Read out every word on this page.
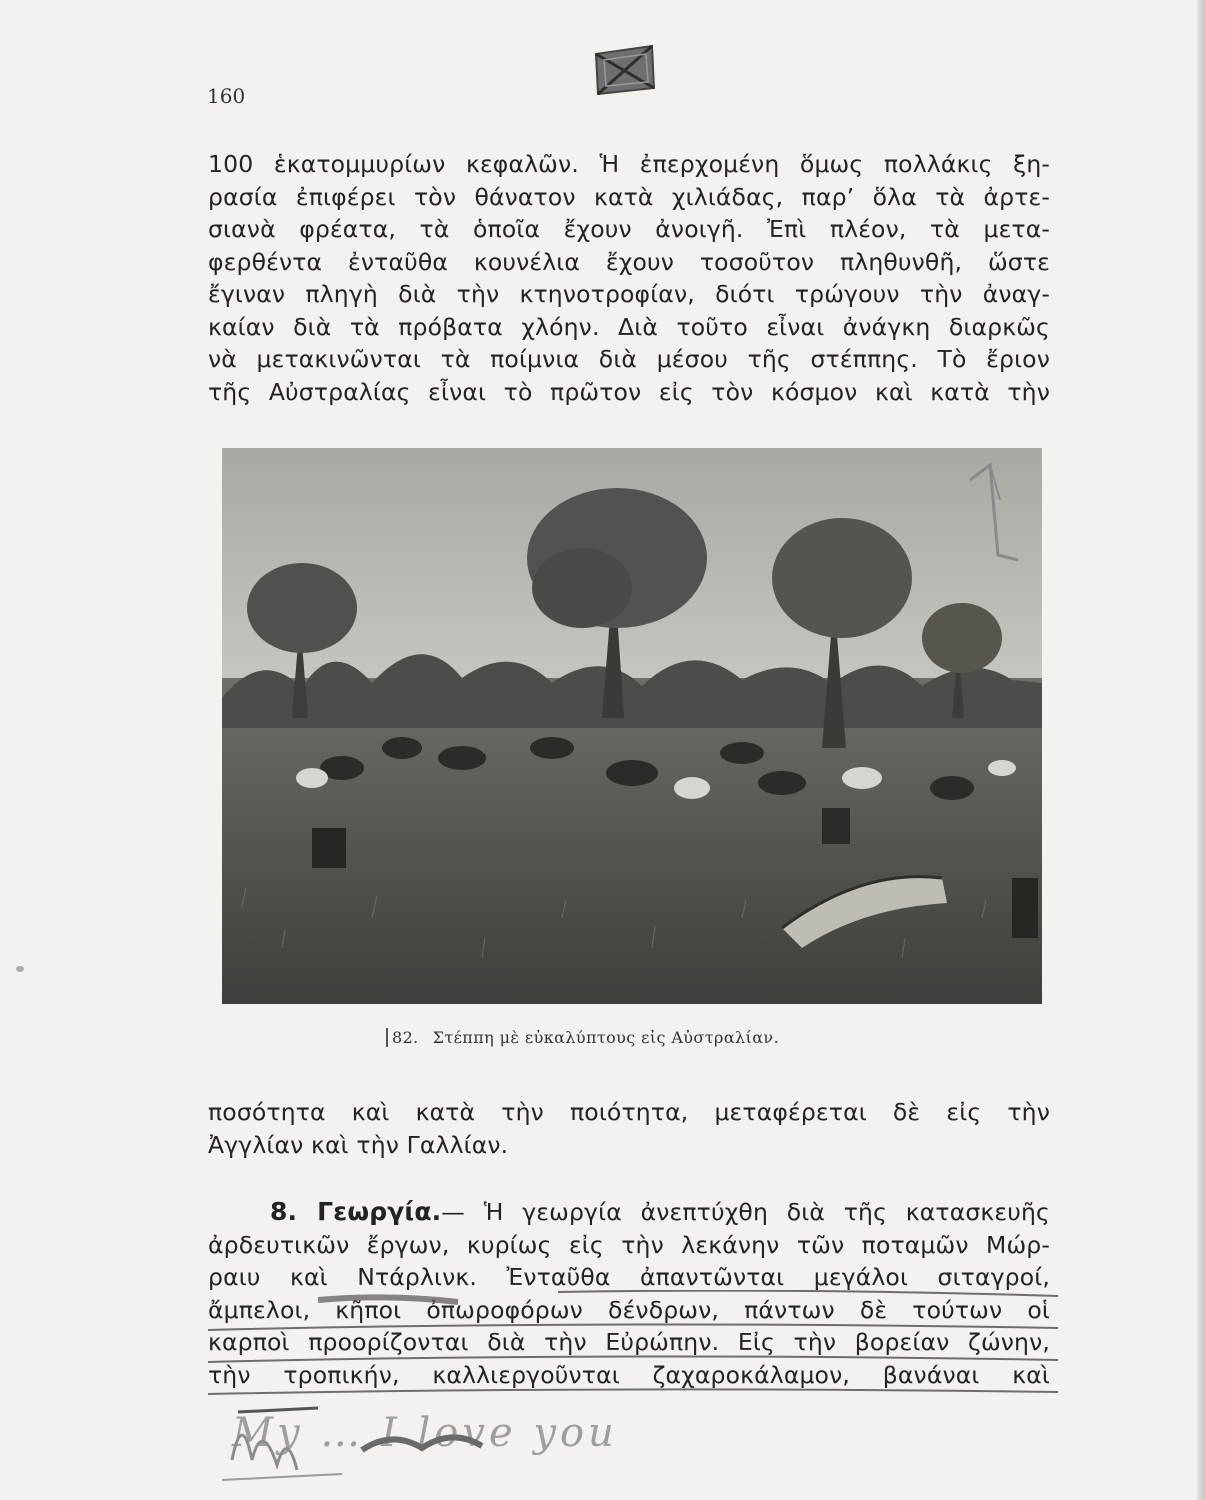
160
100 ἑκατομμυρίων κεφαλῶν. Ἡ ἐπερχομένη ὅμως πολλάκις ξη-
ρασία ἐπιφέρει τὸν θάνατον κατὰ χιλιάδας, παρ’ ὅλα τὰ ἀρτε-
σιανὰ φρέατα, τὰ ὁποῖα ἔχουν ἀνοιγῆ. Ἐπὶ πλέον, τὰ μετα-
φερθέντα ἐνταῦθα κουνέλια ἔχουν τοσοῦτον πληθυνθῆ, ὥστε
ἔγιναν πληγὴ διὰ τὴν κτηνοτροφίαν, διότι τρώγουν τὴν ἀναγ-
καίαν διὰ τὰ πρόβατα χλόην. Διὰ τοῦτο εἶναι ἀνάγκη διαρκῶς
νὰ μετακινῶνται τὰ ποίμνια διὰ μέσου τῆς στέππης. Τὸ ἔριον
τῆς Αὐστραλίας εἶναι τὸ πρῶτον εἰς τὸν κόσμον καὶ κατὰ τὴν
82. Στέππη μὲ εὐκαλύπτους εἰς Αὐστραλίαν.
ποσότητα καὶ κατὰ τὴν ποιότητα, μεταφέρεται δὲ εἰς τὴν
Ἀγγλίαν καὶ τὴν Γαλλίαν.
8. Γεωργία.— Ἡ γεωργία ἀνεπτύχθη διὰ τῆς κατασκευῆς
ἀρδευτικῶν ἔργων, κυρίως εἰς τὴν λεκάνην τῶν ποταμῶν Μώρ-
ραιυ καὶ Ντάρλινκ. Ἐνταῦθα ἀπαντῶνται μεγάλοι σιταγροί,
ἄμπελοι, κῆποι ὀπωροφόρων δένδρων, πάντων δὲ τούτων οἱ
καρποὶ προορίζονται διὰ τὴν Εὐρώπην. Εἰς τὴν βορείαν ζώνην,
τὴν τροπικήν, καλλιεργοῦνται ζαχαροκάλαμον, βανάναι καὶ
My … I love you
